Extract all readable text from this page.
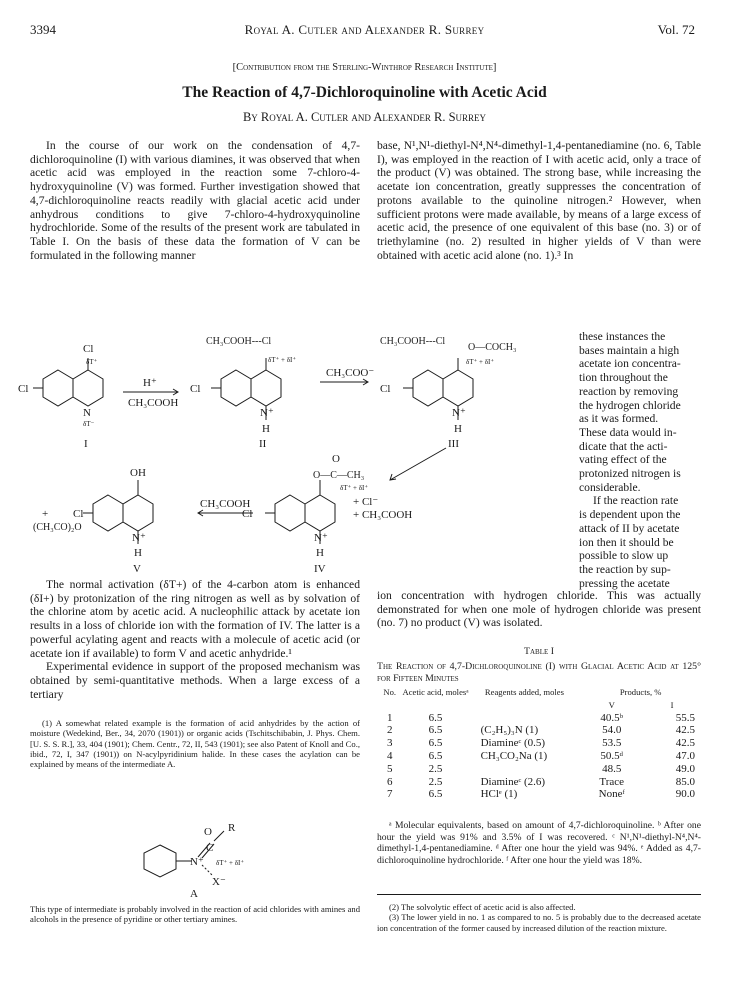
3394	Royal A. Cutler and Alexander R. Surrey	Vol. 72
[Contribution from the Sterling-Winthrop Research Institute]
The Reaction of 4,7-Dichloroquinoline with Acetic Acid
By Royal A. Cutler and Alexander R. Surrey

In the course of our work on the condensation of 4,7-dichloroquinoline (I) with various diamines, it was observed that when acetic acid was employed in the reaction some 7-chloro-4-hydroxyquinoline (V) was formed. Further investigation showed that 4,7-dichloroquinoline reacts readily with glacial acetic acid under anhydrous conditions to give 7-chloro-4-hydroxyquinoline hydrochloride. Some of the results of the present work are tabulated in Table I. On the basis of these data the formation of V can be formulated in the following manner

base, N¹,N¹-diethyl-N⁴,N⁴-dimethyl-1,4-pentanediamine (no. 6, Table I), was employed in the reaction of I with acetic acid, only a trace of the product (V) was obtained. The strong base, while increasing the acetate ion concentration, greatly suppresses the concentration of protons available to the quinoline nitrogen.² However, when sufficient protons were made available, by means of a large excess of acetic acid, the presence of one equivalent of this base (no. 3) or of triethylamine (no. 2) resulted in higher yields of V than were obtained with acetic acid alone (no. 1).³ In

these instances the
bases maintain a high
acetate ion concentra-
tion throughout the
reaction by removing
the hydrogen chloride
as it was formed.
These data would in-
dicate that the acti-
vating effect of the
protonized nitrogen is
considerable.
If the reaction rate
is dependent upon the
attack of II by acetate
ion then it should be
possible to slow up
the reaction by sup-
pressing the acetate
Cl
δT⁺
Cl
N
δT⁻
I
H⁺
CH₃COOH
CH₃COOH---Cl
δT⁺ + δI⁺
Cl
N⁺
H
II
CH₃COO⁻
CH₃COOH---Cl
O—COCH₃
δT⁺ + δI⁺
Cl
N⁺
H
III
O
O—C—CH₃
δT⁺ + δI⁺
Cl
N⁺
H
IV
+ Cl⁻
+ CH₃COOH
CH₃COOH
OH
Cl
N⁺
H
V
+
(CH₃CO)₂O

The normal activation (δT+) of the 4-carbon atom is enhanced (δI+) by protonization of the ring nitrogen as well as by solvation of the chlorine atom by acetic acid. A nucleophilic attack by acetate ion results in a loss of chloride ion with the formation of IV. The latter is a powerful acylating agent and reacts with a molecule of acetic acid (or acetate ion if available) to form V and acetic anhydride.¹

Experimental evidence in support of the proposed mechanism was obtained by semi-quantitative methods. When a large excess of a tertiary

(1) A somewhat related example is the formation of acid anhydrides by the action of moisture (Wedekind, Ber., 34, 2070 (1901)) or organic acids (Tschitschibabin, J. Phys. Chem. [U. S. S. R.], 33, 404 (1901); Chem. Centr., 72, II, 543 (1901); see also Patent of Knoll and Co., ibid., 72, I, 347 (1901)) on N-acylpyridinium halide. In these cases the acylation can be explained by means of the intermediate A.

O R
C
N⁺ δT⁺ + δI⁺
X⁻
A

This type of intermediate is probably involved in the reaction of acid chlorides with amines and alcohols in the presence of pyridine or other tertiary amines.

ion concentration with hydrogen chloride. This was actually demonstrated for when one mole of hydrogen chloride was present (no. 7) no product (V) was isolated.

Table I
The Reaction of 4,7-Dichloroquinoline (I) with Glacial Acetic Acid at 125° for Fifteen Minutes
No.	Acetic acid, molesᵃ	Reagents added, moles	Products, %	
			V	I
1	6.5		40.5ᵇ	55.5
2	6.5	(C₂H₅)₃N (1)	54.0	42.5
3	6.5	Diamineᶜ (0.5)	53.5	42.5
4	6.5	CH₃CO₂Na (1)	50.5ᵈ	47.0
5	2.5		48.5	49.0
6	2.5	Diamineᶜ (2.6)	Trace	85.0
7	6.5	HClᵉ (1)	Noneᶠ	90.0

ᵃ Molecular equivalents, based on amount of 4,7-dichloroquinoline. ᵇ After one hour the yield was 91% and 3.5% of I was recovered. ᶜ N¹,N¹-diethyl-N⁴,N⁴-dimethyl-1,4-pentanediamine. ᵈ After one hour the yield was 94%. ᵉ Added as 4,7-dichloroquinoline hydrochloride. ᶠ After one hour the yield was 18%.

(2) The solvolytic effect of acetic acid is also affected.

(3) The lower yield in no. 1 as compared to no. 5 is probably due to the decreased acetate ion concentration of the former caused by increased dilution of the reaction mixture.
